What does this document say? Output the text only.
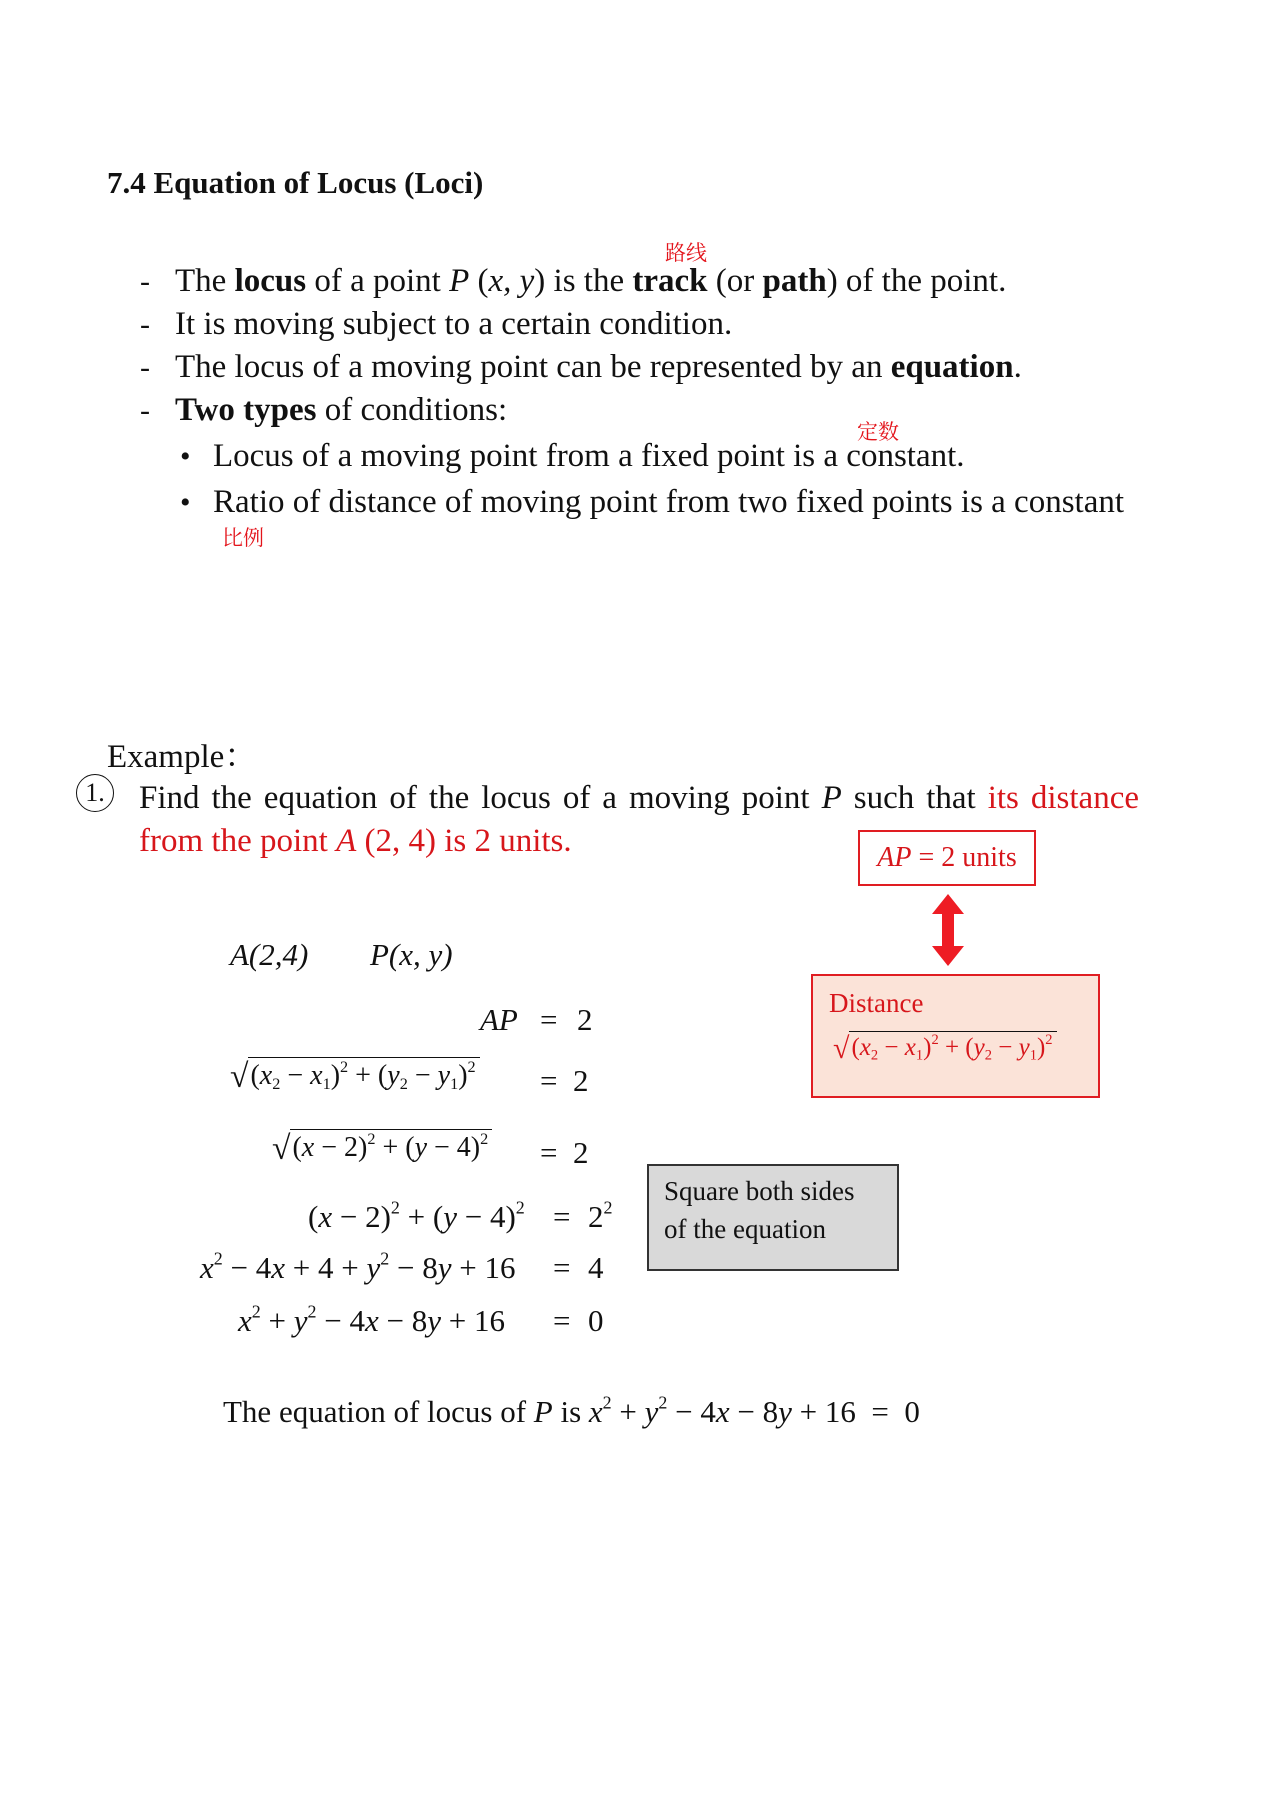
7.4 Equation of Locus (Loci)
路线
定数
比例
- The locus of a point P (x, y) is the track (or path) of the point.
- It is moving subject to a certain condition.
- The locus of a moving point can be represented by an equation.
- Two types of conditions:
• Locus of a moving point from a fixed point is a constant.
• Ratio of distance of moving point from two fixed points is a constant
Example：
1. Find the equation of the locus of a moving point P such that its distance
from the point A (2, 4) is 2 units.	AP = 2 units
Distance
$√(x_2 - x_1)^2 + (y_2 - y_1)^2$
Square both sides
of the equation
A(2,4) P(x, y)
AP = 2
$√(x_2 - x_1)^2 + (y_2 - y_1)^2 = 2$
$√(x - 2)^2 + (y - 4)^2 = 2$
$(x - 2)^2 + (y - 4)^2 = 2^2$
$x^2 - 4x + 4 + y^2 - 8y + 16 = 4$
$x^2 + y^2 - 4x - 8y + 16 = 0$
The equation of locus of P is $x^2 + y^2 - 4x - 8y + 16 = 0$
